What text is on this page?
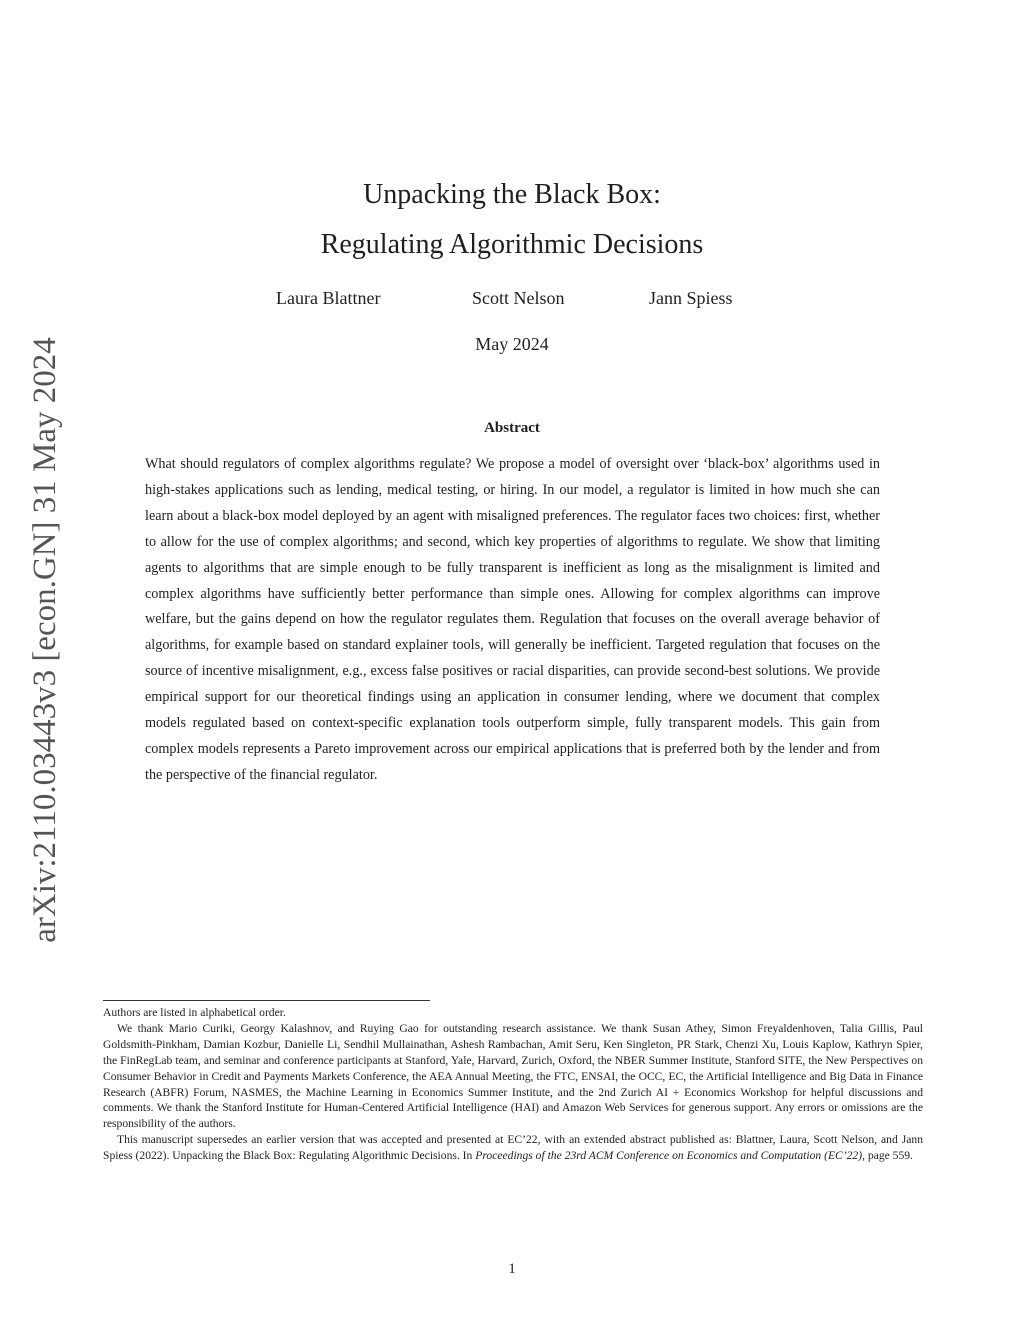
arXiv:2110.03443v3 [econ.GN] 31 May 2024
Unpacking the Black Box:
Regulating Algorithmic Decisions
Laura Blattner	Scott Nelson	Jann Spiess
May 2024
Abstract

What should regulators of complex algorithms regulate? We propose a model of oversight over ‘black-box’ algorithms used in high-stakes applications such as lending, medical testing, or hiring. In our model, a regulator is limited in how much she can learn about a black-box model deployed by an agent with misaligned preferences. The regulator faces two choices: first, whether to allow for the use of complex algorithms; and second, which key properties of algorithms to regulate. We show that limiting agents to algorithms that are simple enough to be fully transparent is inefficient as long as the misalignment is limited and complex algorithms have sufficiently better performance than simple ones. Allowing for complex algorithms can improve welfare, but the gains depend on how the regulator regulates them. Regulation that focuses on the overall average behavior of algorithms, for example based on standard explainer tools, will generally be inefficient. Targeted regulation that focuses on the source of incentive misalignment, e.g., excess false positives or racial disparities, can provide second-best solutions. We provide empirical support for our theoretical findings using an application in consumer lending, where we document that complex models regulated based on context-specific explanation tools outperform simple, fully transparent models. This gain from complex models represents a Pareto improvement across our empirical applications that is preferred both by the lender and from the perspective of the financial regulator.

Authors are listed in alphabetical order.

We thank Mario Curiki, Georgy Kalashnov, and Ruying Gao for outstanding research assistance. We thank Susan Athey, Simon Freyaldenhoven, Talia Gillis, Paul Goldsmith-Pinkham, Damian Kozbur, Danielle Li, Sendhil Mullainathan, Ashesh Rambachan, Amit Seru, Ken Singleton, PR Stark, Chenzi Xu, Louis Kaplow, Kathryn Spier, the FinRegLab team, and seminar and conference participants at Stanford, Yale, Harvard, Zurich, Oxford, the NBER Summer Institute, Stanford SITE, the New Perspectives on Consumer Behavior in Credit and Payments Markets Conference, the AEA Annual Meeting, the FTC, ENSAI, the OCC, EC, the Artificial Intelligence and Big Data in Finance Research (ABFR) Forum, NASMES, the Machine Learning in Economics Summer Institute, and the 2nd Zurich AI + Economics Workshop for helpful discussions and comments. We thank the Stanford Institute for Human-Centered Artificial Intelligence (HAI) and Amazon Web Services for generous support. Any errors or omissions are the responsibility of the authors.

This manuscript supersedes an earlier version that was accepted and presented at EC’22, with an extended abstract published as: Blattner, Laura, Scott Nelson, and Jann Spiess (2022). Unpacking the Black Box: Regulating Algorithmic Decisions. In Proceedings of the 23rd ACM Conference on Economics and Computation (EC’22), page 559.

1
